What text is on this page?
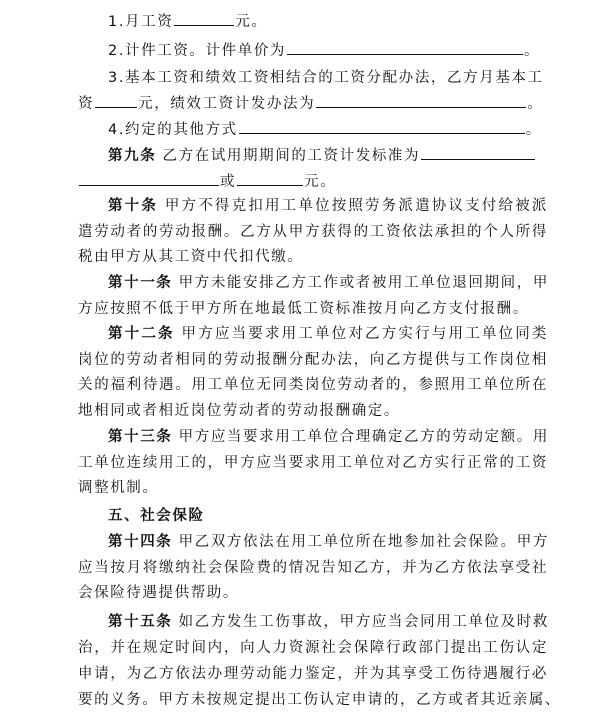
1.月工资	元。
2.计件工资。计件单价为	。
3.基本工资和绩效工资相结合的工资分配办法，乙方月基本工
资	元，绩效工资计发办法为	。
4.约定的其他方式	。
第九条 乙方在试用期期间的工资计发标准为
或	元。
第十条 甲方不得克扣用工单位按照劳务派遣协议支付给被派
遣劳动者的劳动报酬。乙方从甲方获得的工资依法承担的个人所得
税由甲方从其工资中代扣代缴。
第十一条 甲方未能安排乙方工作或者被用工单位退回期间，甲
方应按照不低于甲方所在地最低工资标准按月向乙方支付报酬。
第十二条 甲方应当要求用工单位对乙方实行与用工单位同类
岗位的劳动者相同的劳动报酬分配办法，向乙方提供与工作岗位相
关的福利待遇。用工单位无同类岗位劳动者的，参照用工单位所在
地相同或者相近岗位劳动者的劳动报酬确定。
第十三条 甲方应当要求用工单位合理确定乙方的劳动定额。用
工单位连续用工的，甲方应当要求用工单位对乙方实行正常的工资
调整机制。
五、社会保险
第十四条 甲乙双方依法在用工单位所在地参加社会保险。甲方
应当按月将缴纳社会保险费的情况告知乙方，并为乙方依法享受社
会保险待遇提供帮助。
第十五条 如乙方发生工伤事故，甲方应当会同用工单位及时救
治，并在规定时间内，向人力资源社会保障行政部门提出工伤认定
申请，为乙方依法办理劳动能力鉴定，并为其享受工伤待遇履行必
要的义务。甲方未按规定提出工伤认定申请的，乙方或者其近亲属、
